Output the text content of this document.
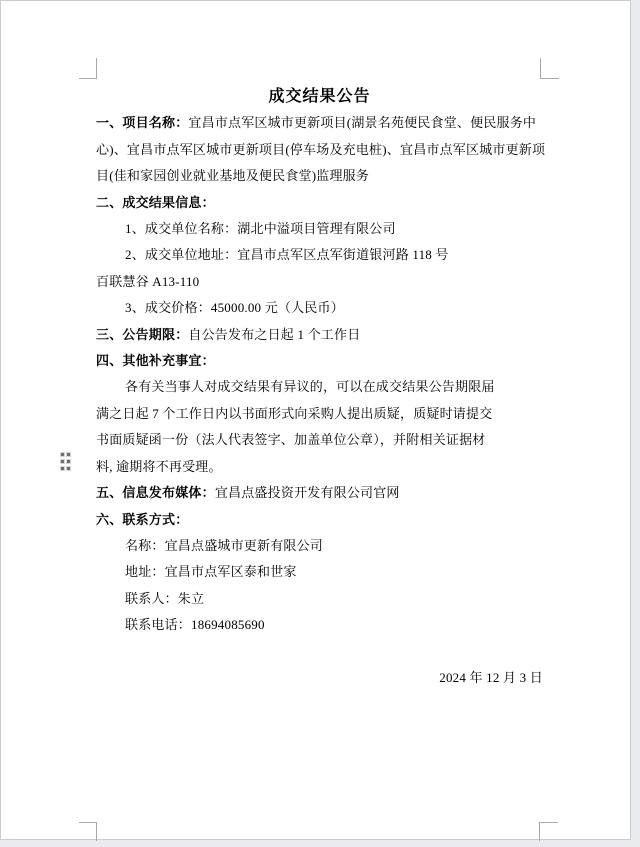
成交结果公告
一、项目名称：宜昌市点军区城市更新项目(湖景名苑便民食堂、便民服务中
心)、宜昌市点军区城市更新项目(停车场及充电桩)、宜昌市点军区城市更新项
目(佳和家园创业就业基地及便民食堂)监理服务
二、成交结果信息：
1、成交单位名称：湖北中溢项目管理有限公司
2、成交单位地址：宜昌市点军区点军街道银河路 118 号
百联慧谷 A13-110
3、成交价格：45000.00 元（人民币）
三、公告期限：自公告发布之日起 1 个工作日
四、其他补充事宜：
各有关当事人对成交结果有异议的，可以在成交结果公告期限届
满之日起 7 个工作日内以书面形式向采购人提出质疑，质疑时请提交
书面质疑函一份（法人代表签字、加盖单位公章），并附相关证据材
料, 逾期将不再受理。
五、信息发布媒体：宜昌点盛投资开发有限公司官网
六、联系方式：
名称：宜昌点盛城市更新有限公司
地址：宜昌市点军区泰和世家
联系人：朱立
联系电话：18694085690
2024 年 12 月 3 日
